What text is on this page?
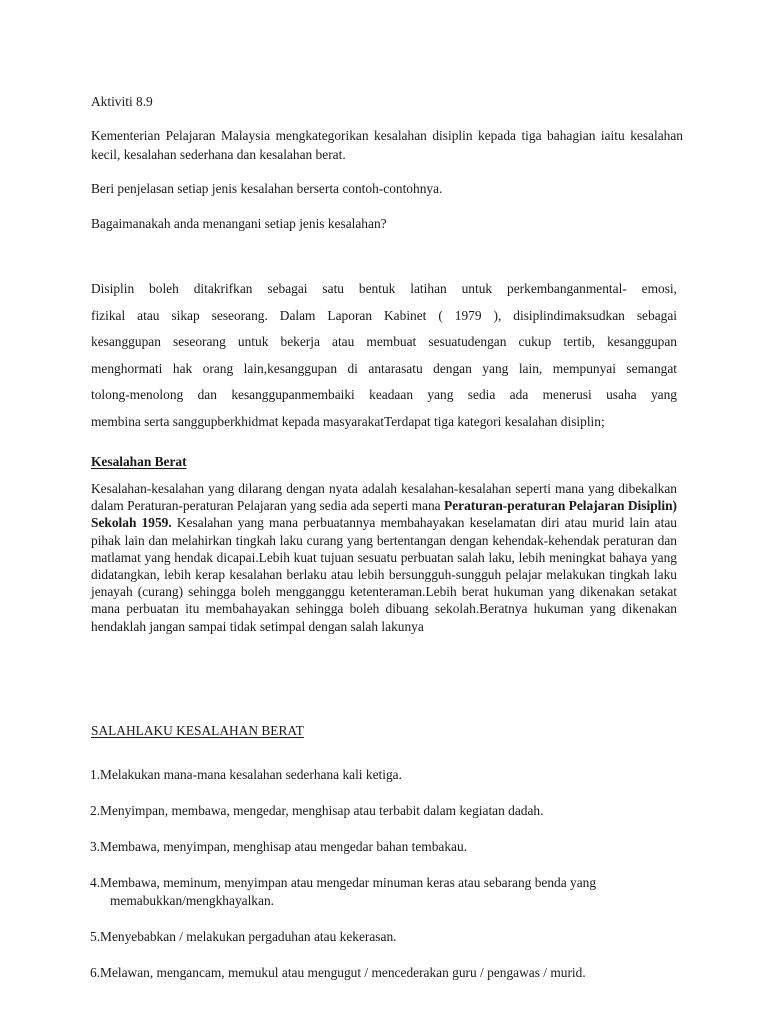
Aktiviti 8.9

Kementerian Pelajaran Malaysia mengkategorikan kesalahan disiplin kepada tiga bahagian iaitu kesalahan kecil, kesalahan sederhana dan kesalahan berat.

Beri penjelasan setiap jenis kesalahan berserta contoh-contohnya.

Bagaimanakah anda menangani setiap jenis kesalahan?

Disiplin boleh ditakrifkan sebagai satu bentuk latihan untuk perkembanganmental- emosi,
fizikal atau sikap seseorang. Dalam Laporan Kabinet ( 1979 ), disiplindimaksudkan sebagai
kesanggupan seseorang untuk bekerja atau membuat sesuatudengan cukup tertib, kesanggupan
menghormati hak orang lain,kesanggupan di antarasatu dengan yang lain, mempunyai semangat
tolong-menolong dan kesanggupanmembaiki keadaan yang sedia ada menerusi usaha yang
membina serta sanggupberkhidmat kepada masyarakatTerdapat tiga kategori kesalahan disiplin;

Kesalahan Berat

Kesalahan-kesalahan yang dilarang dengan nyata adalah kesalahan-kesalahan seperti mana yang dibekalkan dalam Peraturan-peraturan Pelajaran yang sedia ada seperti mana Peraturan-peraturan Pelajaran Disiplin) Sekolah 1959. Kesalahan yang mana perbuatannya membahayakan keselamatan diri atau murid lain atau pihak lain dan melahirkan tingkah laku curang yang bertentangan dengan kehendak-kehendak peraturan dan matlamat yang hendak dicapai.Lebih kuat tujuan sesuatu perbuatan salah laku, lebih meningkat bahaya yang didatangkan, lebih kerap kesalahan berlaku atau lebih bersungguh-sungguh pelajar melakukan tingkah laku jenayah (curang) sehingga boleh mengganggu ketenteraman.Lebih berat hukuman yang dikenakan setakat mana perbuatan itu membahayakan sehingga boleh dibuang sekolah.Beratnya hukuman yang dikenakan hendaklah jangan sampai tidak setimpal dengan salah lakunya

SALAHLAKU KESALAHAN BERAT

1.Melakukan mana-mana kesalahan sederhana kali ketiga.

2.Menyimpan, membawa, mengedar, menghisap atau terbabit dalam kegiatan dadah.

3.Membawa, menyimpan, menghisap atau mengedar bahan tembakau.

4.Membawa, meminum, menyimpan atau mengedar minuman keras atau sebarang benda yang
memabukkan/mengkhayalkan.

5.Menyebabkan / melakukan pergaduhan atau kekerasan.

6.Melawan, mengancam, memukul atau mengugut / mencederakan guru / pengawas / murid.
